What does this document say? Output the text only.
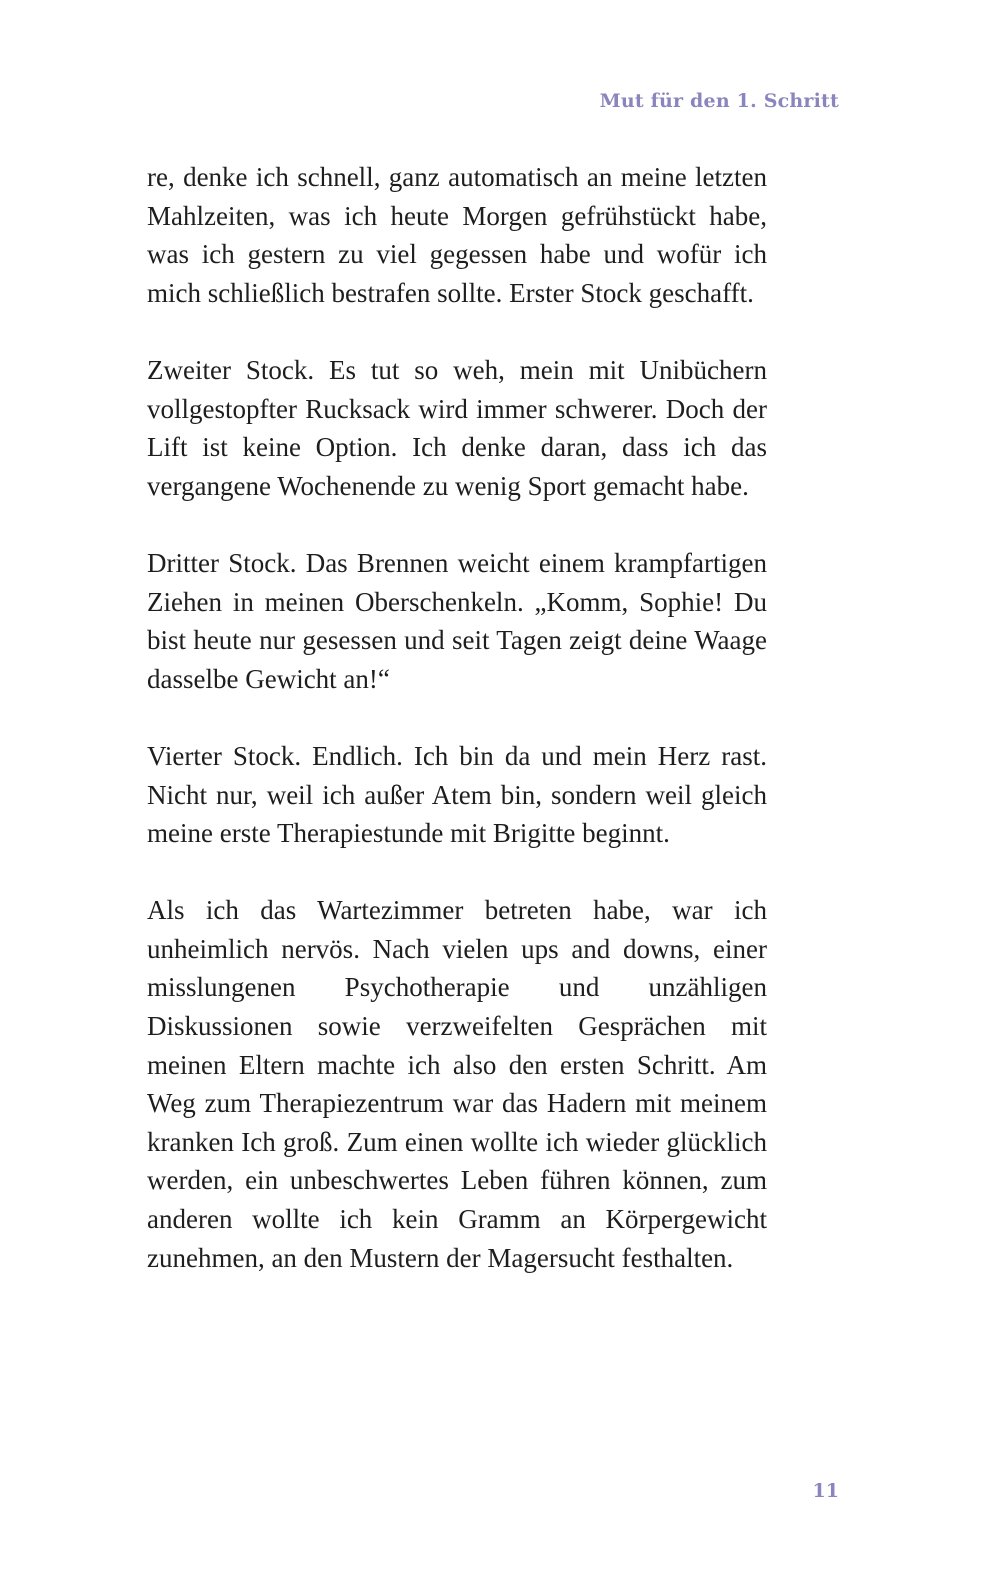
Mut für den 1. Schritt

re, denke ich schnell, ganz automatisch an meine letzten Mahlzeiten, was ich heute Morgen gefrühstückt habe, was ich gestern zu viel gegessen habe und wofür ich mich schließlich bestrafen sollte. Erster Stock geschafft.

Zweiter Stock. Es tut so weh, mein mit Unibüchern vollgestopfter Rucksack wird immer schwerer. Doch der Lift ist keine Option. Ich denke daran, dass ich das vergangene Wochenende zu wenig Sport gemacht habe.

Dritter Stock. Das Brennen weicht einem krampfartigen Ziehen in meinen Oberschenkeln. „Komm, Sophie! Du bist heute nur gesessen und seit Tagen zeigt deine Waage dasselbe Gewicht an!“

Vierter Stock. Endlich. Ich bin da und mein Herz rast. Nicht nur, weil ich außer Atem bin, sondern weil gleich meine erste Therapiestunde mit Brigitte beginnt.

Als ich das Wartezimmer betreten habe, war ich unheimlich nervös. Nach vielen ups and downs, einer misslungenen Psychotherapie und unzähligen Diskussionen sowie verzweifelten Gesprächen mit meinen Eltern machte ich also den ersten Schritt. Am Weg zum Therapiezentrum war das Hadern mit meinem kranken Ich groß. Zum einen wollte ich wieder glücklich werden, ein unbeschwertes Leben führen können, zum anderen wollte ich kein Gramm an Körpergewicht zunehmen, an den Mustern der Magersucht festhalten.

11
